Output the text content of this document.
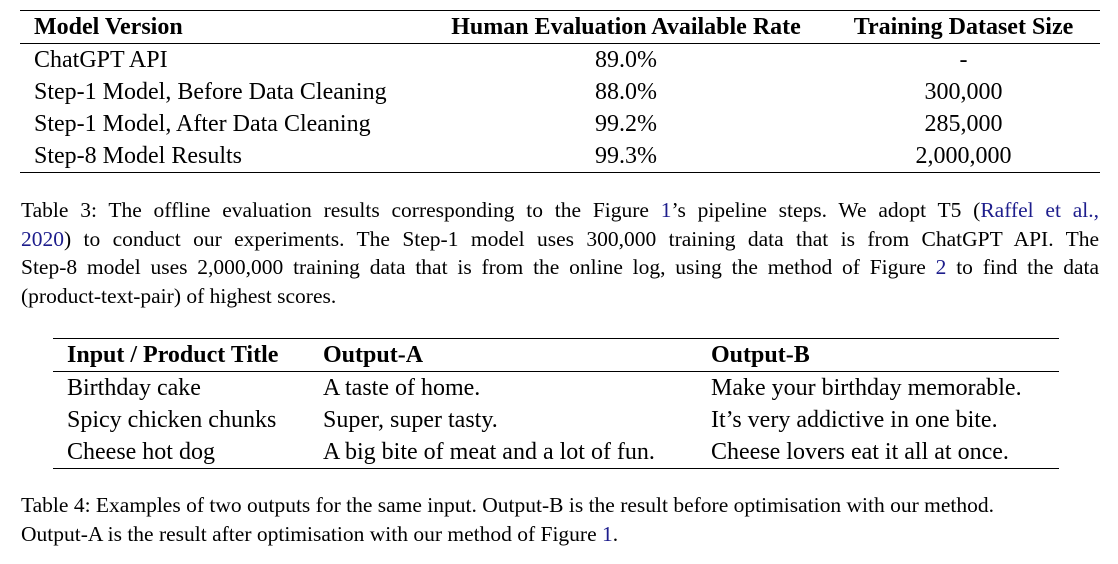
Model Version	Human Evaluation Available Rate	Training Dataset Size
ChatGPT API	89.0%	-
Step-1 Model, Before Data Cleaning	88.0%	300,000
Step-1 Model, After Data Cleaning	99.2%	285,000
Step-8 Model Results	99.3%	2,000,000
Table 3: The offline evaluation results corresponding to the Figure 1’s pipeline steps. We adopt T5 (Raffel et al.,
2020) to conduct our experiments. The Step-1 model uses 300,000 training data that is from ChatGPT API. The
Step-8 model uses 2,000,000 training data that is from the online log, using the method of Figure 2 to find the data
(product-text-pair) of highest scores.
Input / Product Title	Output-A	Output-B
Birthday cake	A taste of home.	Make your birthday memorable.
Spicy chicken chunks	Super, super tasty.	It’s very addictive in one bite.
Cheese hot dog	A big bite of meat and a lot of fun.	Cheese lovers eat it all at once.
Table 4: Examples of two outputs for the same input. Output-B is the result before optimisation with our method.
Output-A is the result after optimisation with our method of Figure 1.
